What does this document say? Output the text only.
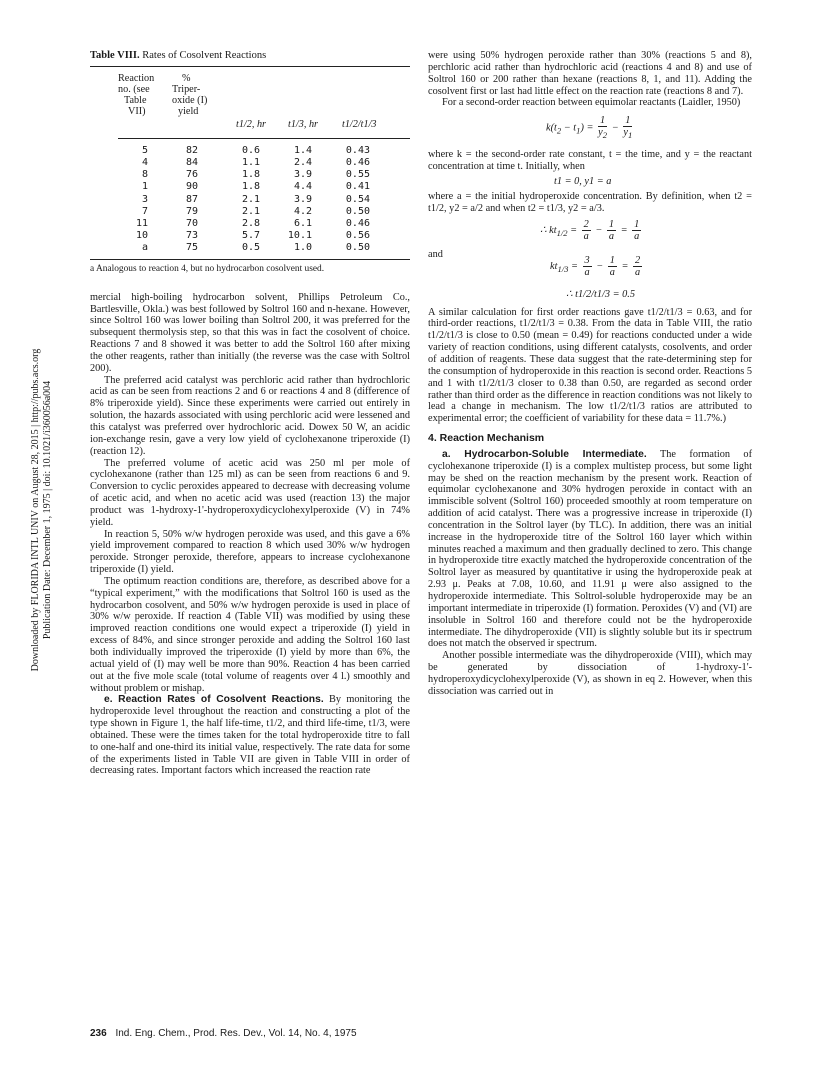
Downloaded by FLORIDA INTL UNIV on August 28, 2015 | http://pubs.acs.org Publication Date: December 1, 1975 | doi: 10.1021/i360056a004
Table VIII. Rates of Cosolvent Reactions
Reaction
no. (see
Table
VII)
%
Triper-
oxide (I)
yield
t1/2, hr t1/3, hr t1/2/t1/3
5	82	0.6	1.4	0.43
4	84	1.1	2.4	0.46
8	76	1.8	3.9	0.55
1	90	1.8	4.4	0.41
3	87	2.1	3.9	0.54
7	79	2.1	4.2	0.50
11	70	2.8	6.1	0.46
10	73	5.7	10.1	0.56
a	75	0.5	1.0	0.50
a Analogous to reaction 4, but no hydrocarbon cosolvent used.

mercial high-boiling hydrocarbon solvent, Phillips Petroleum Co., Bartlesville, Okla.) was best followed by Soltrol 160 and n-hexane. However, since Soltrol 160 was lower boiling than Soltrol 200, it was preferred for the subsequent thermolysis step, so that this was in fact the cosolvent of choice. Reactions 7 and 8 showed it was better to add the Soltrol 160 after mixing the other reagents, rather than initially (the reverse was the case with Soltrol 200).

The preferred acid catalyst was perchloric acid rather than hydrochloric acid as can be seen from reactions 2 and 6 or reactions 4 and 8 (difference of 8% triperoxide yield). Since these experiments were carried out entirely in solution, the hazards associated with using perchloric acid were lessened and this catalyst was preferred over hydrochloric acid. Dowex 50 W, an acidic ion-exchange resin, gave a very low yield of cyclohexanone triperoxide (I) (reaction 12).

The preferred volume of acetic acid was 250 ml per mole of cyclohexanone (rather than 125 ml) as can be seen from reactions 6 and 9. Conversion to cyclic peroxides appeared to decrease with decreasing volume of acetic acid, and when no acetic acid was used (reaction 13) the major product was 1-hydroxy-1'-hydroperoxydicyclohexylperoxide (V) in 74% yield.

In reaction 5, 50% w/w hydrogen peroxide was used, and this gave a 6% yield improvement compared to reaction 8 which used 30% w/w hydrogen peroxide. Stronger peroxide, therefore, appears to increase cyclohexanone triperoxide (I) yield.

The optimum reaction conditions are, therefore, as described above for a “typical experiment,” with the modifications that Soltrol 160 is used as the hydrocarbon cosolvent, and 50% w/w hydrogen peroxide is used in place of 30% w/w peroxide. If reaction 4 (Table VII) was modified by using these improved reaction conditions one would expect a triperoxide (I) yield in excess of 84%, and since stronger peroxide and adding the Soltrol 160 last both individually improved the triperoxide (I) yield by more than 6%, the actual yield of (I) may well be more than 90%. Reaction 4 has been carried out at the five mole scale (total volume of reagents over 4 l.) smoothly and without problem or mishap.

e. Reaction Rates of Cosolvent Reactions. By monitoring the hydroperoxide level throughout the reaction and constructing a plot of the type shown in Figure 1, the half life-time, t1/2, and third life-time, t1/3, were obtained. These were the times taken for the total hydroperoxide titre to fall to one-half and one-third its initial value, respectively. The rate data for some of the experiments listed in Table VII are given in Table VIII in order of decreasing rates. Important factors which increased the reaction rate

were using 50% hydrogen peroxide rather than 30% (reactions 5 and 8), perchloric acid rather than hydrochloric acid (reactions 4 and 8) and use of Soltrol 160 or 200 rather than hexane (reactions 8, 1, and 11). Adding the cosolvent first or last had little effect on the reaction rate (reactions 8 and 7).

For a second-order reaction between equimolar reactants (Laidler, 1950)

$k(t_2 - t_1) = \frac{1}{y_2} - \frac{1}{y_1}$

where k = the second-order rate constant, t = the time, and y = the reactant concentration at time t. Initially, when

t1 = 0, y1 = a

where a = the initial hydroperoxide concentration. By definition, when t2 = t1/2, y2 = a/2 and when t2 = t1/3, y2 = a/3.

∴ $kt_{1/2} = \frac{2}{a} - \frac{1}{a} = \frac{1}{a}$
and
$kt_{1/3} = \frac{3}{a} - \frac{1}{a} = \frac{2}{a}$
∴ t1/2/t1/3 = 0.5

A similar calculation for first order reactions gave t1/2/t1/3 = 0.63, and for third-order reactions, t1/2/t1/3 = 0.38. From the data in Table VIII, the ratio t1/2/t1/3 is close to 0.50 (mean = 0.49) for reactions conducted under a wide variety of reaction conditions, using different catalysts, cosolvents, and order of addition of reagents. These data suggest that the rate-determining step for the consumption of hydroperoxide in this reaction is second order. Reactions 5 and 1 with t1/2/t1/3 closer to 0.38 than 0.50, are regarded as second order rather than third order as the difference in reaction conditions was not likely to lead a change in mechanism. The low t1/2/t1/3 ratios are attributed to experimental error; the coefficient of variability for these data = 11.7%.)

4. Reaction Mechanism

a. Hydrocarbon-Soluble Intermediate. The formation of cyclohexanone triperoxide (I) is a complex multistep process, but some light may be shed on the reaction mechanism by the present work. Reaction of equimolar cyclohexanone and 30% hydrogen peroxide in contact with an immiscible solvent (Soltrol 160) proceeded smoothly at room temperature on addition of acid catalyst. There was a progressive increase in triperoxide (I) concentration in the Soltrol layer (by TLC). In addition, there was an initial increase in the hydroperoxide titre of the Soltrol 160 layer which within minutes reached a maximum and then gradually declined to zero. This change in hydroperoxide titre exactly matched the hydroperoxide concentration of the Soltrol layer as measured by quantitative ir using the hydroperoxide peak at 2.93 μ. Peaks at 7.08, 10.60, and 11.91 μ were also assigned to the hydroperoxide intermediate. This Soltrol-soluble hydroperoxide may be an important intermediate in triperoxide (I) formation. Peroxides (V) and (VI) are insoluble in Soltrol 160 and therefore could not be the hydroperoxide intermediate. The dihydroperoxide (VII) is slightly soluble but its ir spectrum does not match the observed ir spectrum.

Another possible intermediate was the dihydroperoxide (VIII), which may be generated by dissociation of 1-hydroxy-1'-hydroperoxydicyclohexylperoxide (V), as shown in eq 2. However, when this dissociation was carried out in

236 Ind. Eng. Chem., Prod. Res. Dev., Vol. 14, No. 4, 1975
